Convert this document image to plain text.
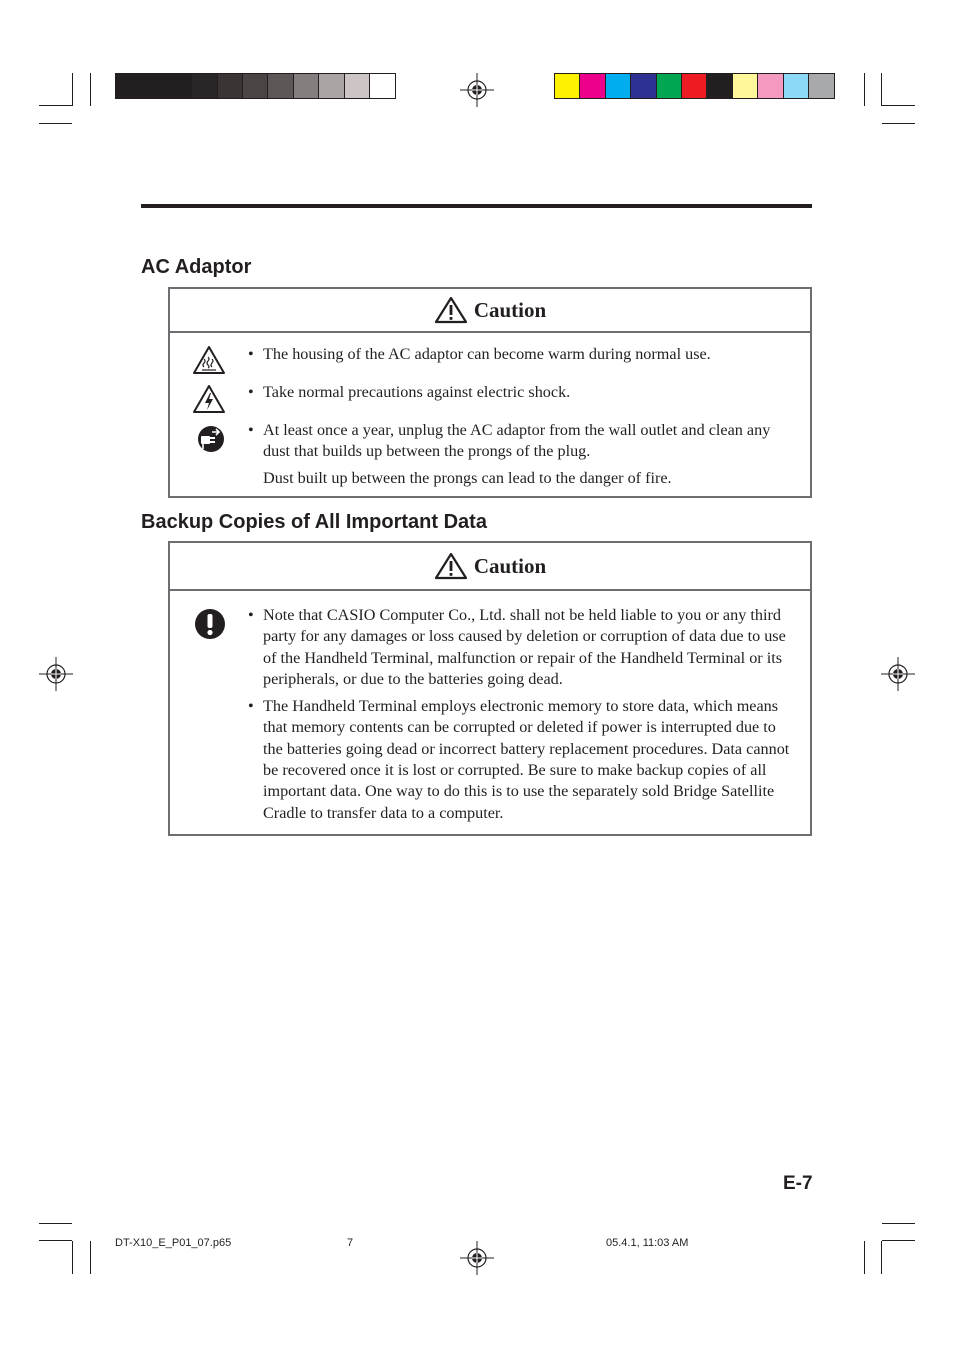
AC Adaptor
Caution
• The housing of the AC adaptor can become warm during normal use.
• Take normal precautions against electric shock.
• At least once a year, unplug the AC adaptor from the wall outlet and clean any dust that builds up between the prongs of the plug.
Dust built up between the prongs can lead to the danger of fire.
Backup Copies of All Important Data
Caution
• Note that CASIO Computer Co., Ltd. shall not be held liable to you or any third party for any damages or loss caused by deletion or corruption of data due to use of the Handheld Terminal, malfunction or repair of the Handheld Terminal or its peripherals, or due to the batteries going dead.
• The Handheld Terminal employs electronic memory to store data, which means that memory contents can be corrupted or deleted if power is interrupted due to the batteries going dead or incorrect battery replacement procedures. Data cannot be recovered once it is lost or corrupted. Be sure to make backup copies of all important data. One way to do this is to use the separately sold Bridge Satellite Cradle to transfer data to a computer.
E-7
DT-X10_E_P01_07.p65	7	05.4.1, 11:03 AM
